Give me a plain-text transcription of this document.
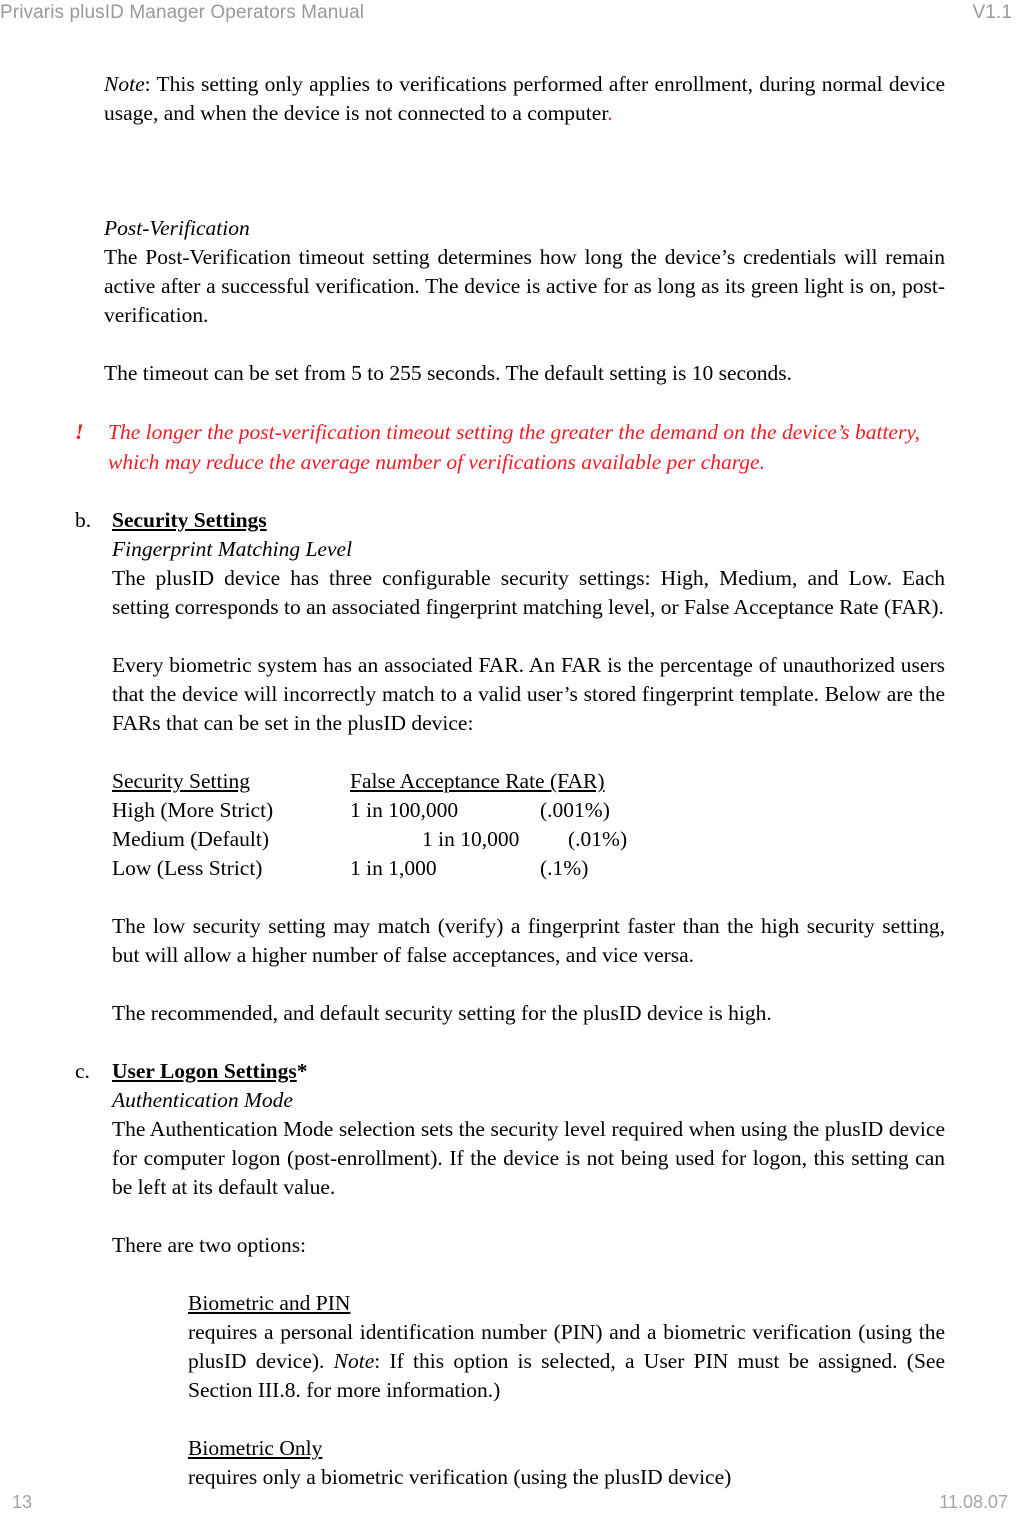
Privaris plusID Manager Operators Manual	V1.1
Note: This setting only applies to verifications performed after enrollment, during normal device usage, and when the device is not connected to a computer.
Post-Verification
The Post-Verification timeout setting determines how long the device’s credentials will remain active after a successful verification. The device is active for as long as its green light is on, post-verification.
The timeout can be set from 5 to 255 seconds. The default setting is 10 seconds.
!	The longer the post-verification timeout setting the greater the demand on the device’s battery, which may reduce the average number of verifications available per charge.
b. Security Settings
Fingerprint Matching Level
The plusID device has three configurable security settings: High, Medium, and Low. Each setting corresponds to an associated fingerprint matching level, or False Acceptance Rate (FAR).
Every biometric system has an associated FAR. An FAR is the percentage of unauthorized users that the device will incorrectly match to a valid user’s stored fingerprint template. Below are the FARs that can be set in the plusID device:
Security Setting	False Acceptance Rate (FAR)	
High (More Strict)	1 in 100,000	(.001%)
Medium (Default)	1 in 10,000	(.01%)
Low (Less Strict)	1 in 1,000	(.1%)
The low security setting may match (verify) a fingerprint faster than the high security setting, but will allow a higher number of false acceptances, and vice versa.
The recommended, and default security setting for the plusID device is high.
c.	User Logon Settings*
Authentication Mode
The Authentication Mode selection sets the security level required when using the plusID device for computer logon (post-enrollment). If the device is not being used for logon, this setting can be left at its default value.
There are two options:
Biometric and PIN
requires a personal identification number (PIN) and a biometric verification (using the plusID device). Note: If this option is selected, a User PIN must be assigned. (See Section III.8. for more information.)
Biometric Only
requires only a biometric verification (using the plusID device)
13	11.08.07
